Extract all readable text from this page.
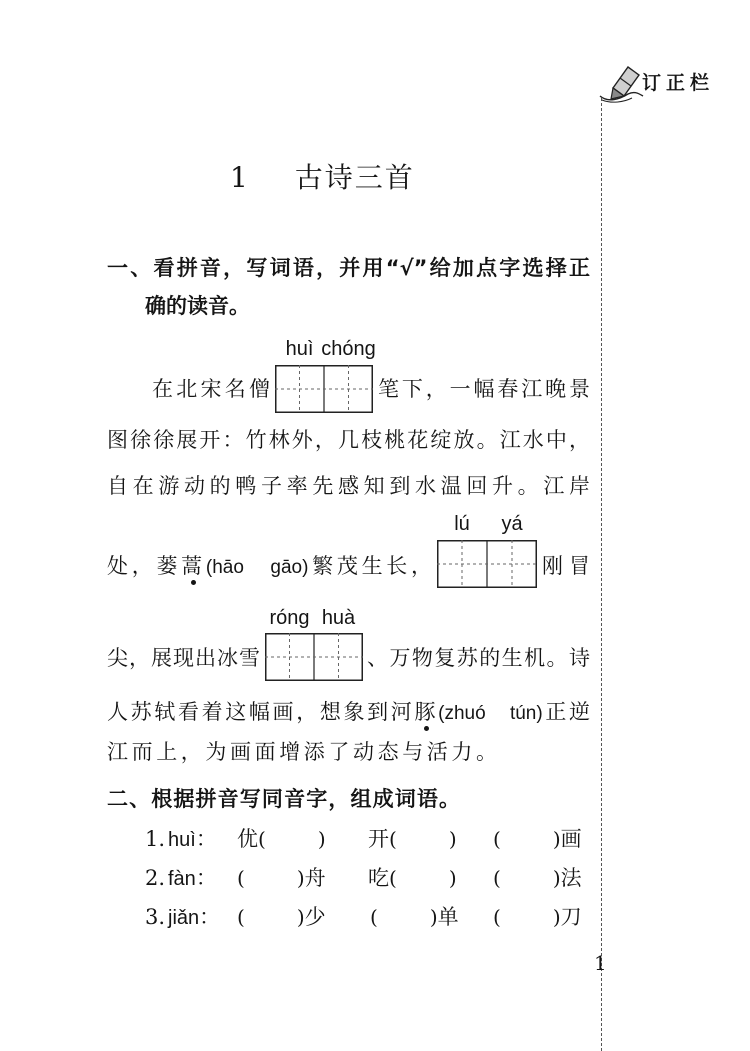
订正栏
1 古诗三首
一、看拼音，写词语，并用“√”给加点字选择正
确的读音。
huì chóng
在北宋名僧	笔下，一幅春江晚景
图徐徐展开：竹林外，几枝桃花绽放。江水中，
自在游动的鸭子率先感知到水温回升。江岸
lú yá
处，蒌蒿(hāo　gāo)繁茂生长，	刚冒
róng huà
尖，展现出冰雪	、万物复苏的生机。诗
人苏轼看着这幅画，想象到河豚(zhuó　tún)正逆
江而上，为画面增添了动态与活力。
二、根据拼音写同音字，组成词语。
1. huì： 优(	) 开(	) (	)画
2. fàn： (	)舟 吃(	) (	)法
3. jiǎn： (	)少 (	)单 (	)刀
1
